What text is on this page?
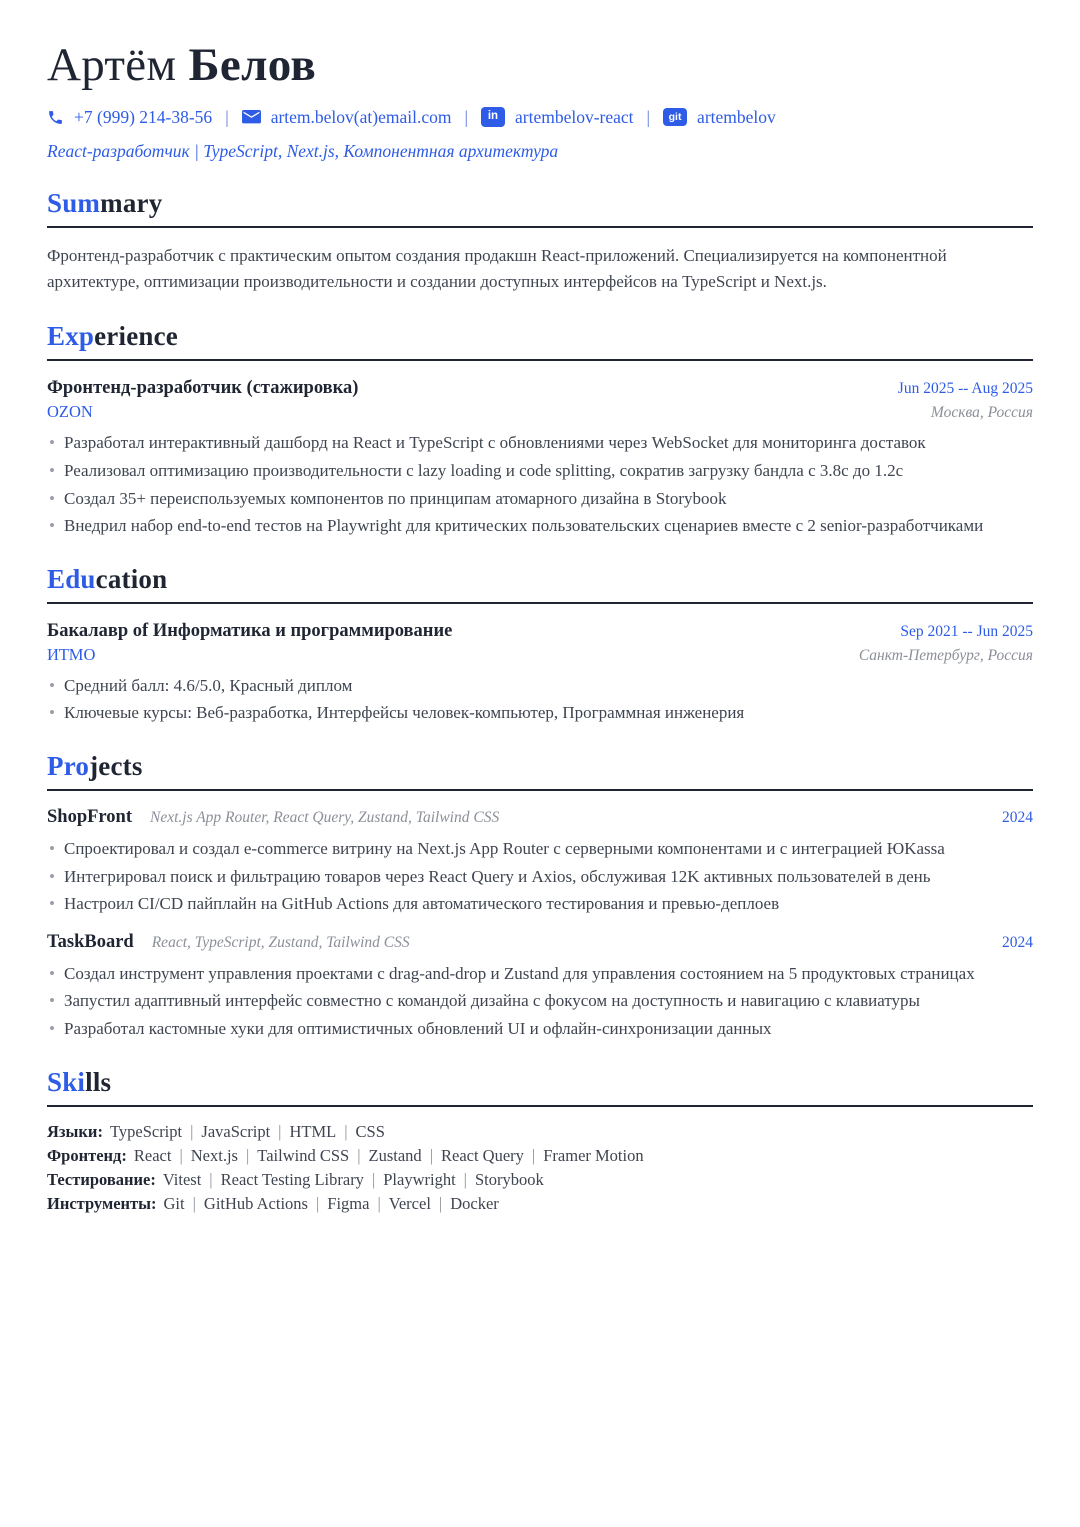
Артём Белов
+7 (999) 214-38-56 | artem.belov(at)email.com |	in artembelov-react |	git artembelov
React-разработчик | TypeScript, Next.js, Компонентная архитектура
Summary

Фронтенд-разработчик с практическим опытом создания продакшн React-приложений. Специализируется на компонентной архитектуре, оптимизации производительности и создании доступных интерфейсов на TypeScript и Next.js.

Experience
Фронтенд-разработчик (стажировка)	Jun 2025 -- Aug 2025
OZON	Москва, Россия
• Разработал интерактивный дашборд на React и TypeScript с обновлениями через WebSocket для мониторинга доставок
• Реализовал оптимизацию производительности с lazy loading и code splitting, сократив загрузку бандла с 3.8с до 1.2с
• Создал 35+ переиспользуемых компонентов по принципам атомарного дизайна в Storybook
• Внедрил набор end-to-end тестов на Playwright для критических пользовательских сценариев вместе с 2 senior-разработчиками
Education
Бакалавр of Информатика и программирование	Sep 2021 -- Jun 2025
ИТМО	Санкт-Петербург, Россия
• Средний балл: 4.6/5.0, Красный диплом
• Ключевые курсы: Веб-разработка, Интерфейсы человек-компьютер, Программная инженерия
Projects
ShopFront Next.js App Router, React Query, Zustand, Tailwind CSS	2024
• Спроектировал и создал e-commerce витрину на Next.js App Router с серверными компонентами и с интеграцией ЮKassa
• Интегрировал поиск и фильтрацию товаров через React Query и Axios, обслуживая 12K активных пользователей в день
• Настроил CI/CD пайплайн на GitHub Actions для автоматического тестирования и превью-деплоев
TaskBoard React, TypeScript, Zustand, Tailwind CSS	2024
• Создал инструмент управления проектами с drag-and-drop и Zustand для управления состоянием на 5 продуктовых страницах
• Запустил адаптивный интерфейс совместно с командой дизайна с фокусом на доступность и навигацию с клавиатуры
• Разработал кастомные хуки для оптимистичных обновлений UI и офлайн-синхронизации данных
Skills
Языки: TypeScript | JavaScript | HTML | CSS
Фронтенд: React | Next.js | Tailwind CSS | Zustand | React Query | Framer Motion
Тестирование: Vitest | React Testing Library | Playwright | Storybook
Инструменты: Git | GitHub Actions | Figma | Vercel | Docker
